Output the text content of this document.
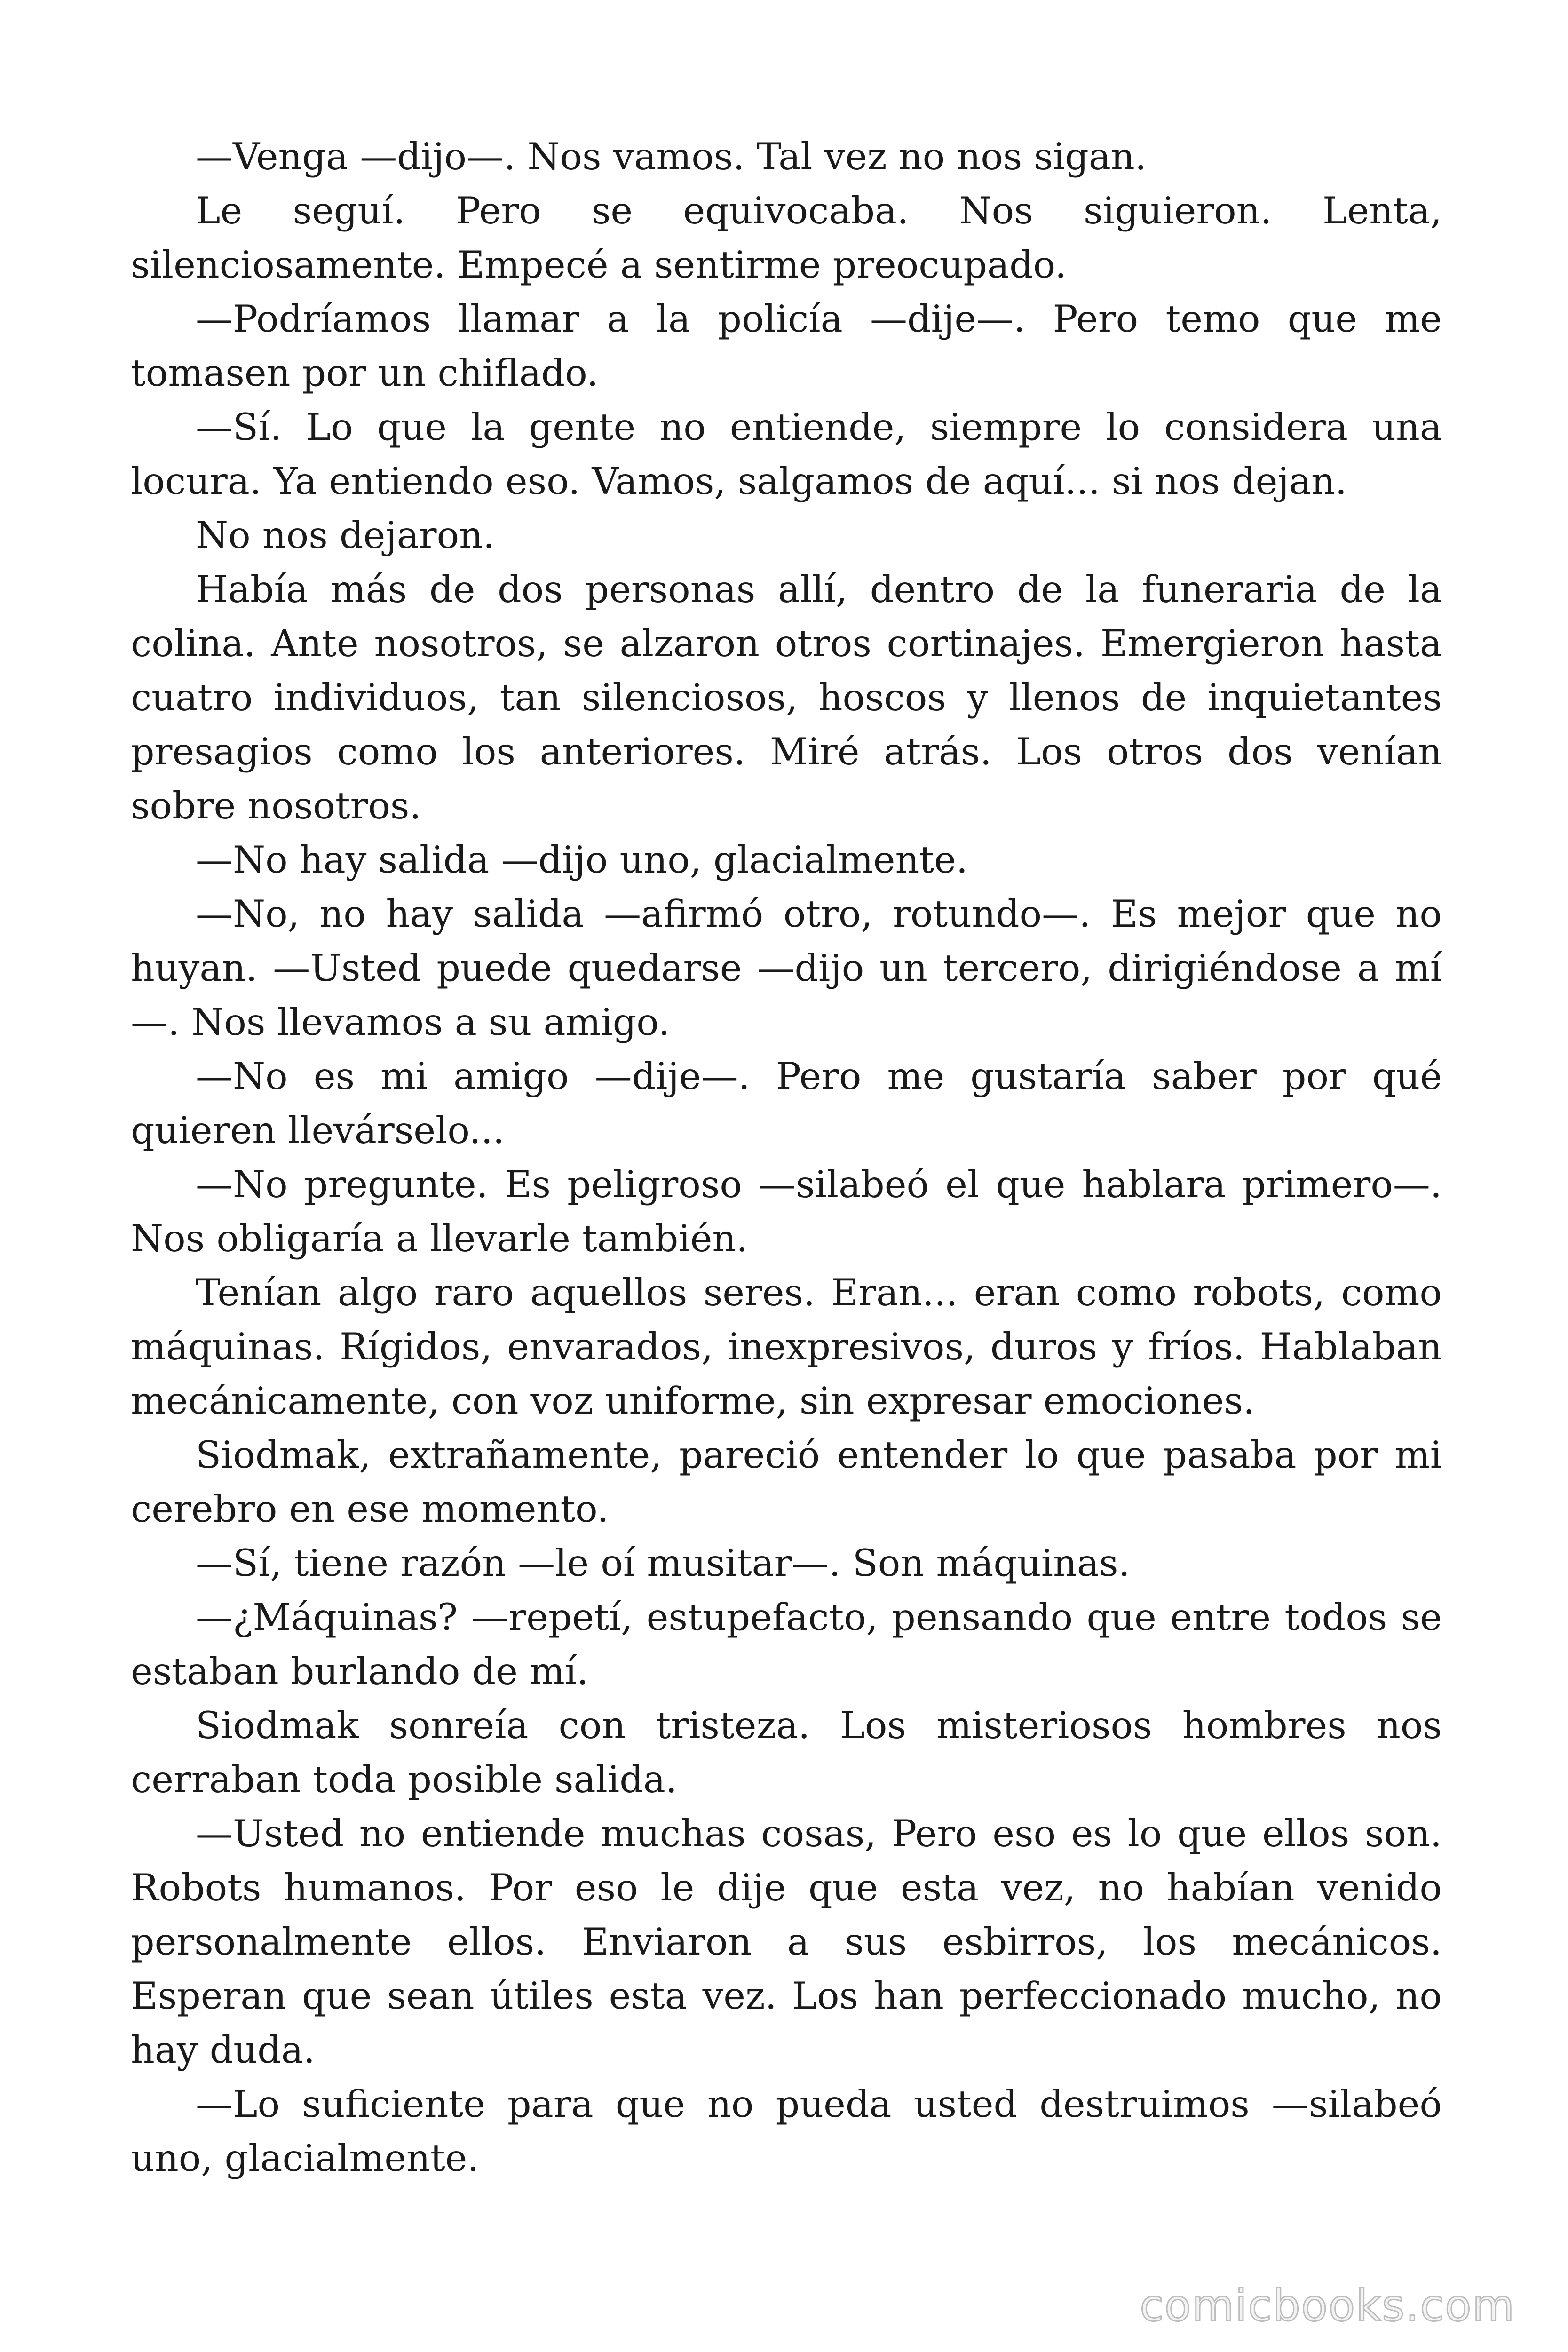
—Venga —dijo—. Nos vamos. Tal vez no nos sigan.

Le seguí. Pero se equivocaba. Nos siguieron. Lenta, silenciosamente. Empecé a sentirme preocupado.

—Podríamos llamar a la policía —dije—. Pero temo que me tomasen por un chiflado.

—Sí. Lo que la gente no entiende, siempre lo considera una locura. Ya entiendo eso. Vamos, salgamos de aquí... si nos dejan.

No nos dejaron.

Había más de dos personas allí, dentro de la funeraria de la colina. Ante nosotros, se alzaron otros cortinajes. Emergieron hasta cuatro individuos, tan silenciosos, hoscos y llenos de inquietantes presagios como los anteriores. Miré atrás. Los otros dos venían sobre nosotros.

—No hay salida —dijo uno, glacialmente.

—No, no hay salida —afirmó otro, rotundo—. Es mejor que no huyan. —Usted puede quedarse —dijo un tercero, dirigiéndose a mí —. Nos llevamos a su amigo.

—No es mi amigo —dije—. Pero me gustaría saber por qué quieren llevárselo...

—No pregunte. Es peligroso —silabeó el que hablara primero—. Nos obligaría a llevarle también.

Tenían algo raro aquellos seres. Eran... eran como robots, como máquinas. Rígidos, envarados, inexpresivos, duros y fríos. Hablaban mecánicamente, con voz uniforme, sin expresar emociones.

Siodmak, extrañamente, pareció entender lo que pasaba por mi cerebro en ese momento.

—Sí, tiene razón —le oí musitar—. Son máquinas.

—¿Máquinas? —repetí, estupefacto, pensando que entre todos se estaban burlando de mí.

Siodmak sonreía con tristeza. Los misteriosos hombres nos cerraban toda posible salida.

—Usted no entiende muchas cosas, Pero eso es lo que ellos son. Robots humanos. Por eso le dije que esta vez, no habían venido personalmente ellos. Enviaron a sus esbirros, los mecánicos. Esperan que sean útiles esta vez. Los han perfeccionado mucho, no hay duda.

—Lo suficiente para que no pueda usted destruimos —silabeó uno, glacialmente.

comicbooks.com
